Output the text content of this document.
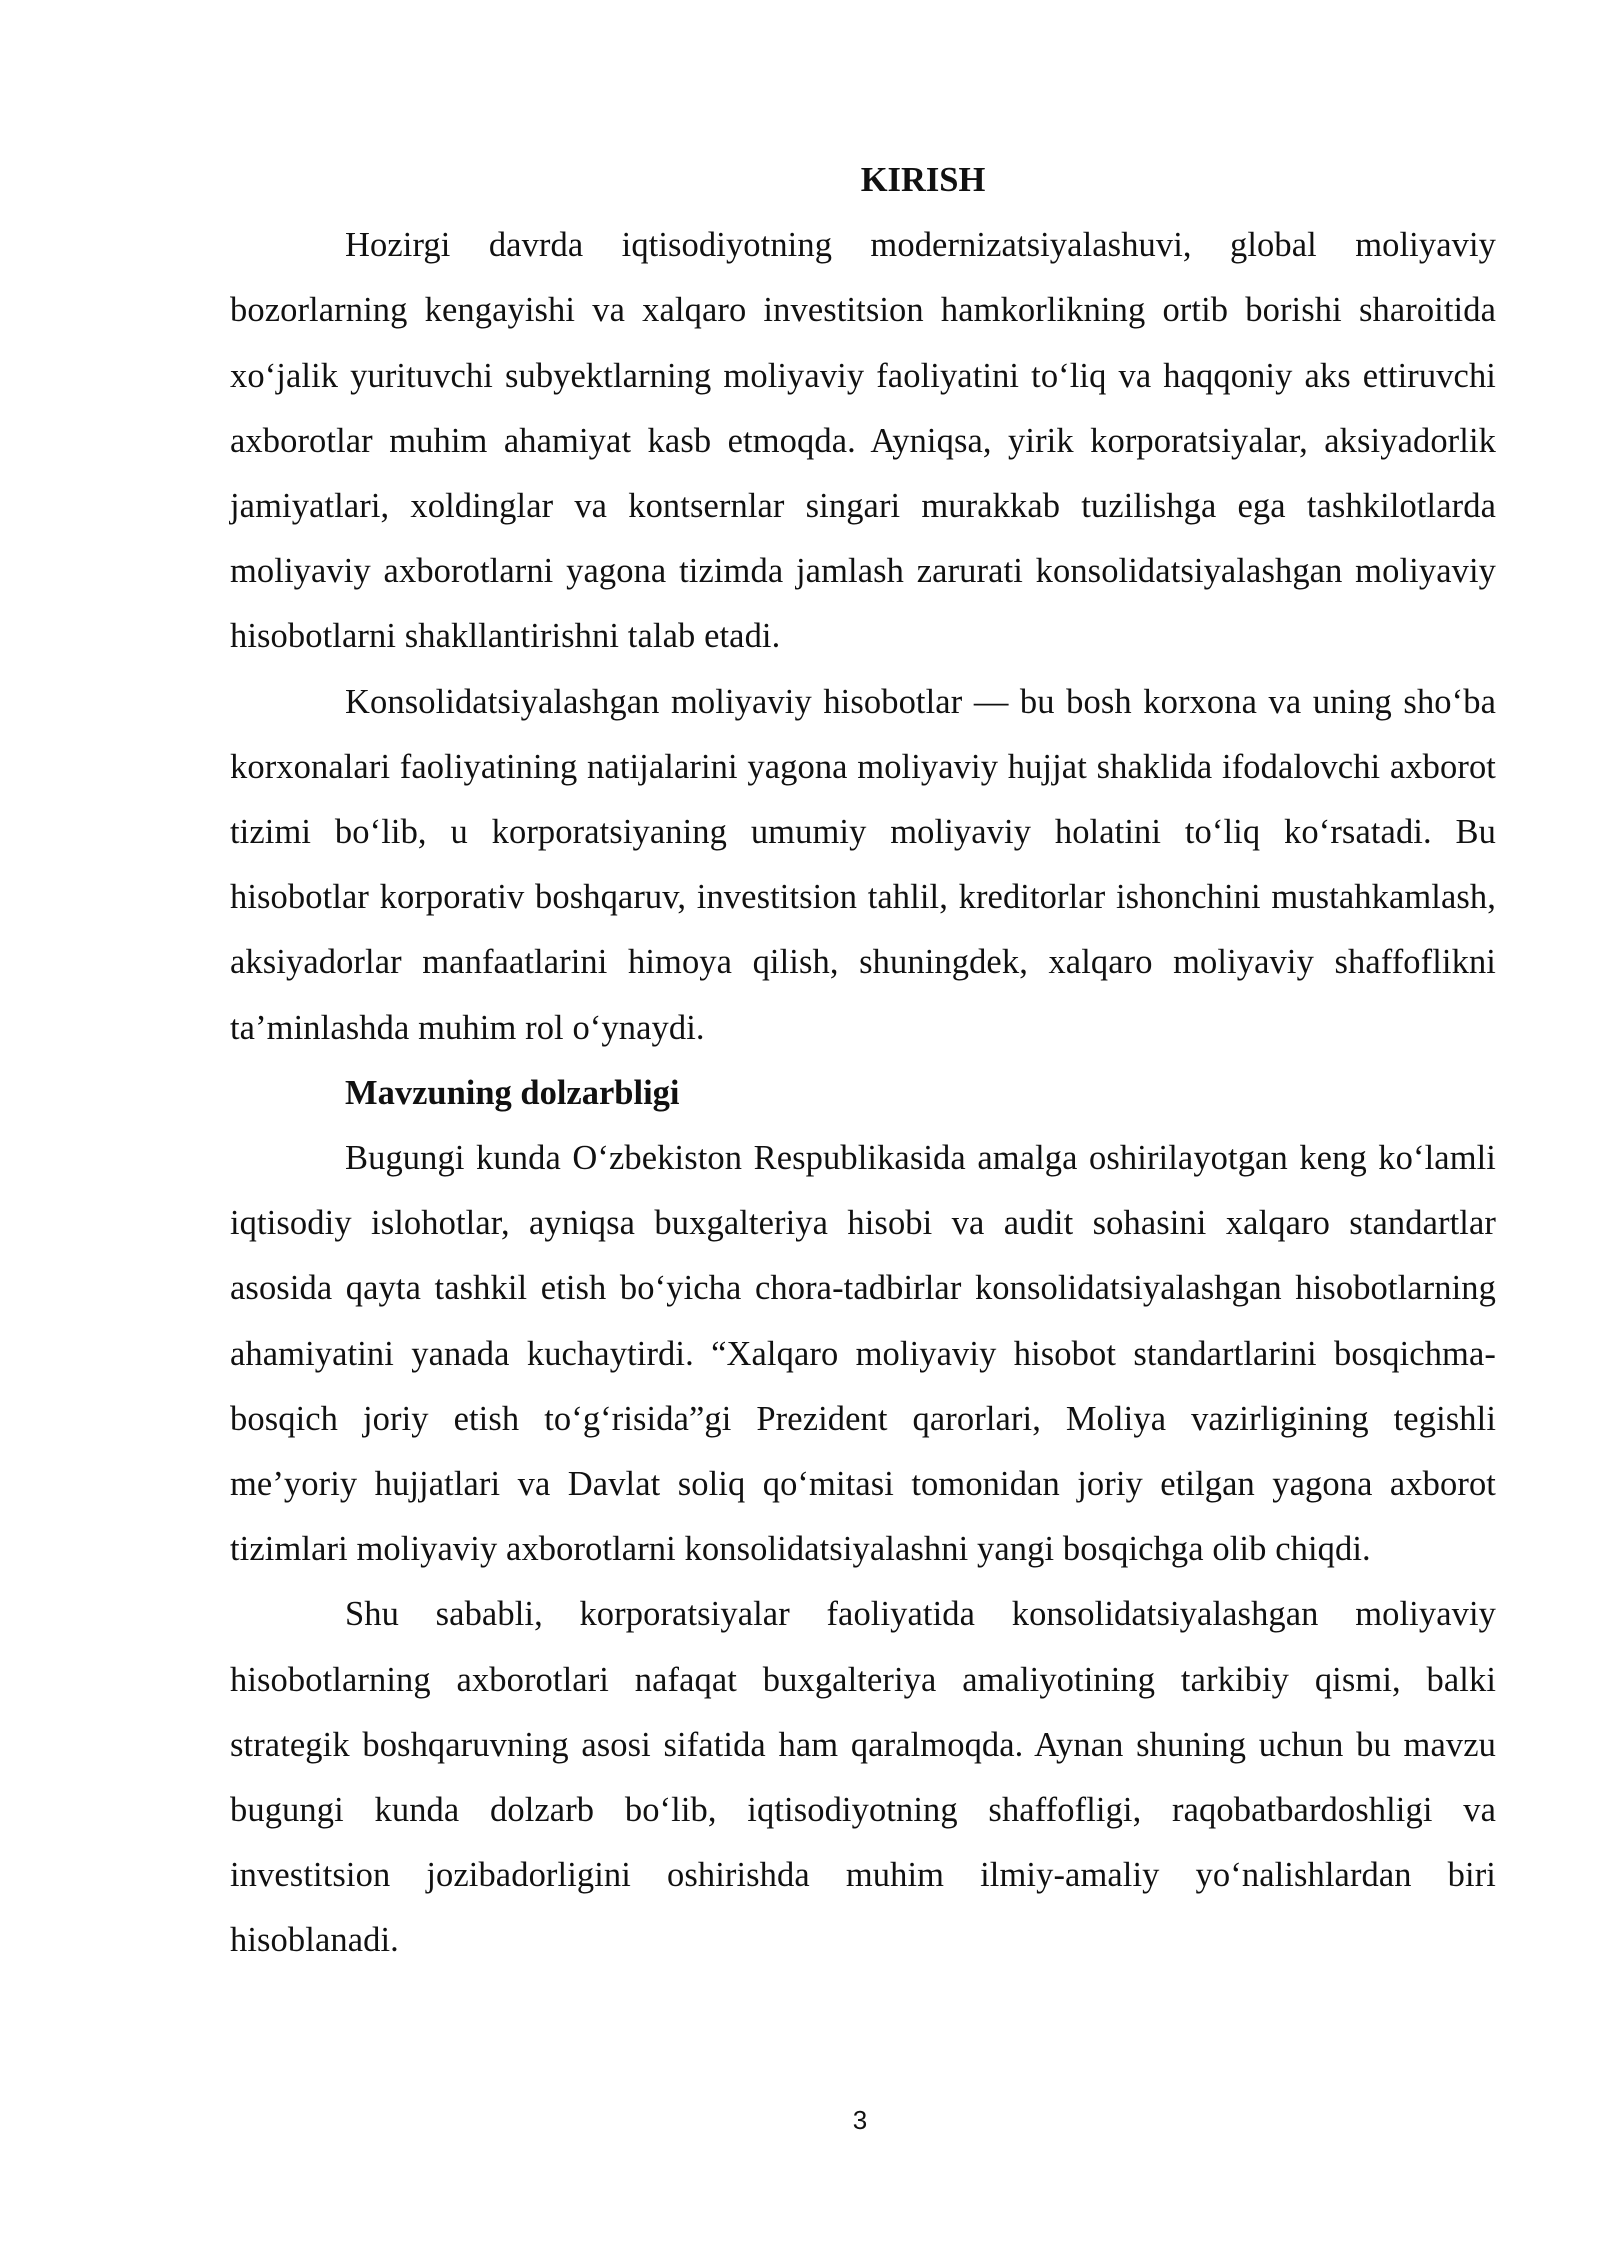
KIRISH

Hozirgi davrda iqtisodiyotning modernizatsiyalashuvi, global moliyaviy bozorlarning kengayishi va xalqaro investitsion hamkorlikning ortib borishi sharoitida xo‘jalik yurituvchi subyektlarning moliyaviy faoliyatini to‘liq va haqqoniy aks ettiruvchi axborotlar muhim ahamiyat kasb etmoqda. Ayniqsa, yirik korporatsiyalar, aksiyadorlik jamiyatlari, xoldinglar va kontsernlar singari murakkab tuzilishga ega tashkilotlarda moliyaviy axborotlarni yagona tizimda jamlash zarurati konsolidatsiyalashgan moliyaviy hisobotlarni shakllantirishni talab etadi.

Konsolidatsiyalashgan moliyaviy hisobotlar — bu bosh korxona va uning sho‘ba korxonalari faoliyatining natijalarini yagona moliyaviy hujjat shaklida ifodalovchi axborot tizimi bo‘lib, u korporatsiyaning umumiy moliyaviy holatini to‘liq ko‘rsatadi. Bu hisobotlar korporativ boshqaruv, investitsion tahlil, kreditorlar ishonchini mustahkamlash, aksiyadorlar manfaatlarini himoya qilish, shuningdek, xalqaro moliyaviy shaffoflikni ta’minlashda muhim rol o‘ynaydi.

Mavzuning dolzarbligi

Bugungi kunda O‘zbekiston Respublikasida amalga oshirilayotgan keng ko‘lamli iqtisodiy islohotlar, ayniqsa buxgalteriya hisobi va audit sohasini xalqaro standartlar asosida qayta tashkil etish bo‘yicha chora-tadbirlar konsolidatsiyalashgan hisobotlarning ahamiyatini yanada kuchaytirdi. “Xalqaro moliyaviy hisobot standartlarini bosqichma-bosqich joriy etish to‘g‘risida”gi Prezident qarorlari, Moliya vazirligining tegishli me’yoriy hujjatlari va Davlat soliq qo‘mitasi tomonidan joriy etilgan yagona axborot tizimlari moliyaviy axborotlarni konsolidatsiyalashni yangi bosqichga olib chiqdi.

Shu sababli, korporatsiyalar faoliyatida konsolidatsiyalashgan moliyaviy hisobotlarning axborotlari nafaqat buxgalteriya amaliyotining tarkibiy qismi, balki strategik boshqaruvning asosi sifatida ham qaralmoqda. Aynan shuning uchun bu mavzu bugungi kunda dolzarb bo‘lib, iqtisodiyotning shaffofligi, raqobatbardoshligi va investitsion jozibadorligini oshirishda muhim ilmiy-amaliy yo‘nalishlardan biri hisoblanadi.

3
